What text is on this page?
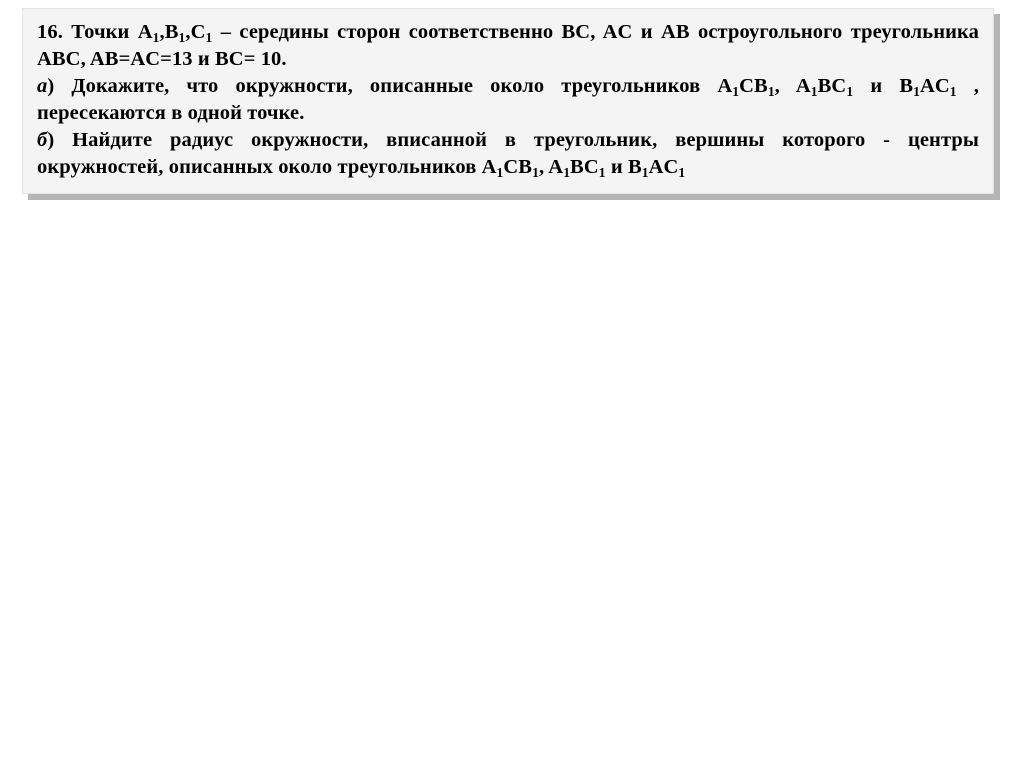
16. Точки $A_1,B_1,C_1$ – середины сторон соответственно BC, AC и AB остроугольного треугольника ABC, AB=AC=13 и BC= 10.

а) Докажите, что окружности, описанные около треугольников $A_1CB_1$, $A_1BC_1$ и $B_1AC_1$ , пересекаются в одной точке.

б) Найдите радиус окружности, вписанной в треугольник, вершины которого - центры окружностей, описанных около треугольников $A_1CB_1$, $A_1BC_1$ и $B_1AC_1$
